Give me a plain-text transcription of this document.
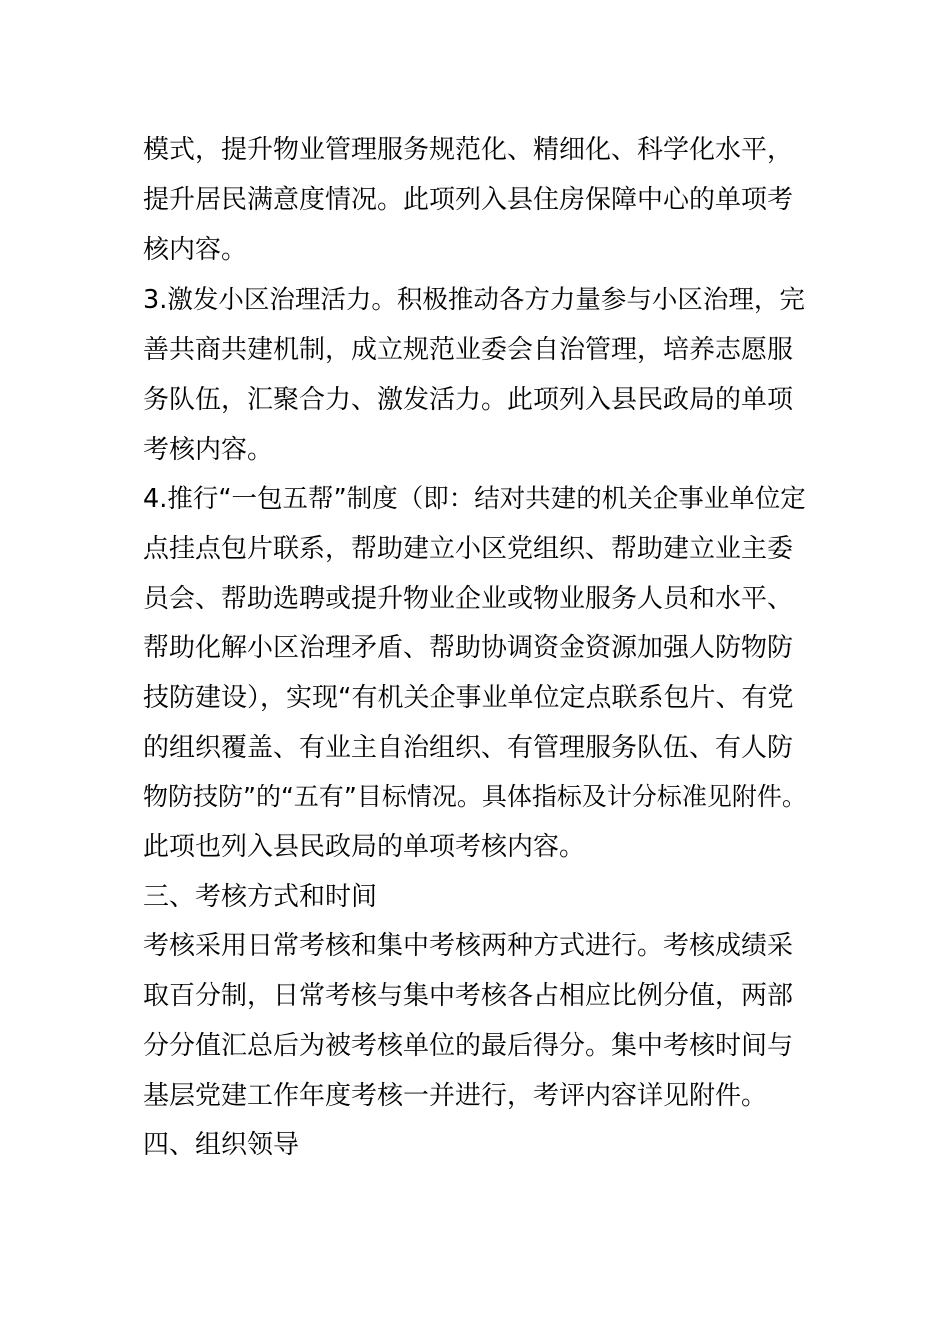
模式，提升物业管理服务规范化、精细化、科学化水平，
提升居民满意度情况。此项列入县住房保障中心的单项考
核内容。
3.激发小区治理活力。积极推动各方力量参与小区治理，完
善共商共建机制，成立规范业委会自治管理，培养志愿服
务队伍，汇聚合力、激发活力。此项列入县民政局的单项
考核内容。
4.推行“一包五帮”制度（即：结对共建的机关企事业单位定
点挂点包片联系，帮助建立小区党组织、帮助建立业主委
员会、帮助选聘或提升物业企业或物业服务人员和水平、
帮助化解小区治理矛盾、帮助协调资金资源加强人防物防
技防建设），实现“有机关企事业单位定点联系包片、有党
的组织覆盖、有业主自治组织、有管理服务队伍、有人防
物防技防”的“五有”目标情况。具体指标及计分标准见附件。
此项也列入县民政局的单项考核内容。
三、考核方式和时间
考核采用日常考核和集中考核两种方式进行。考核成绩采
取百分制，日常考核与集中考核各占相应比例分值，两部
分分值汇总后为被考核单位的最后得分。集中考核时间与
基层党建工作年度考核一并进行，考评内容详见附件。
四、组织领导
